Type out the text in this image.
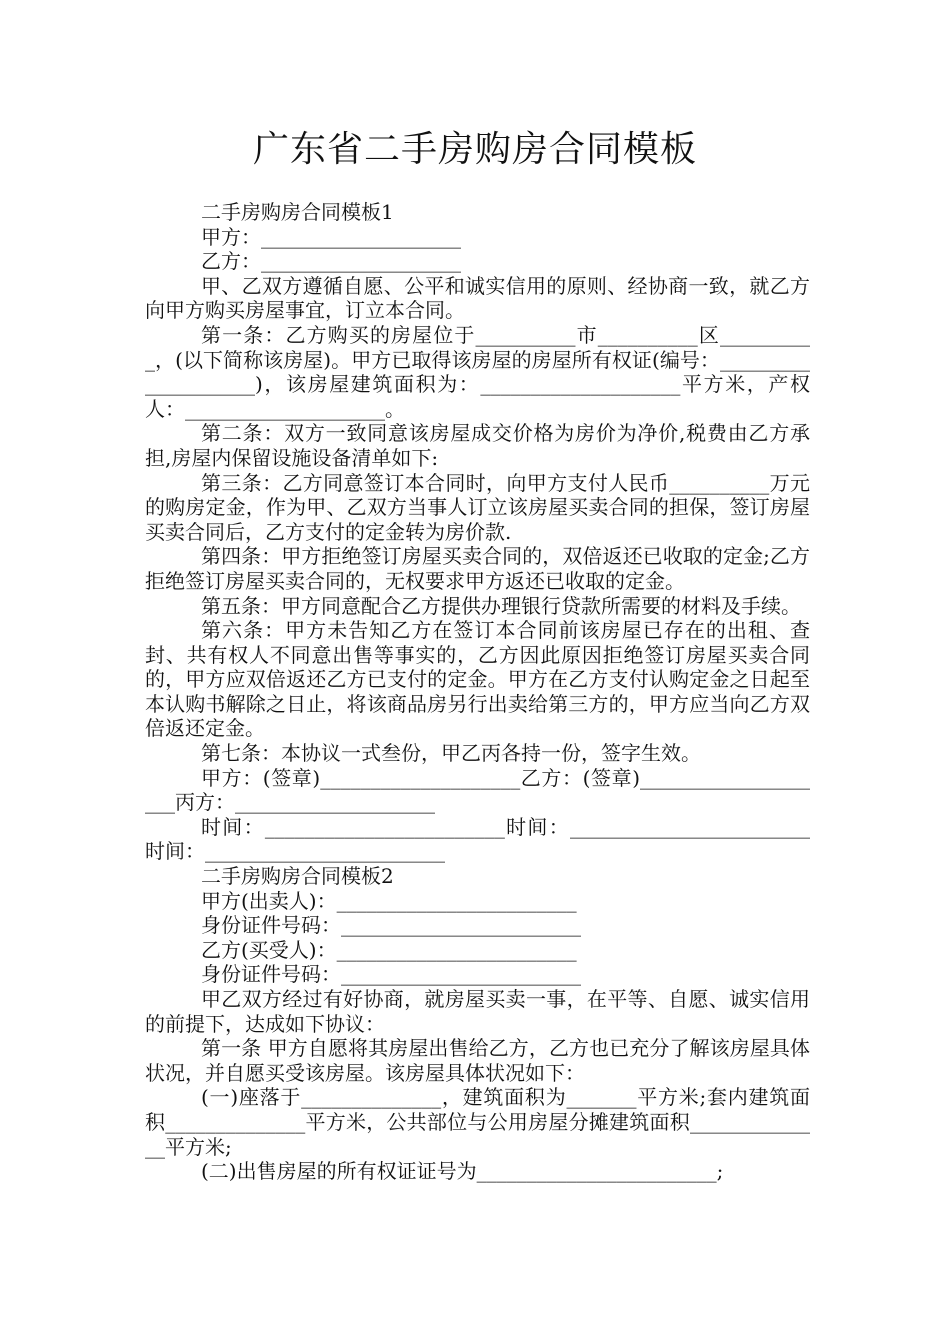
广东省二手房购房合同模板

二手房购房合同模板1

甲方：____________________

乙方：____________________

甲、乙双方遵循自愿、公平和诚实信用的原则、经协商一致，就乙方向甲方购买房屋事宜，订立本合同。

第一条：乙方购买的房屋位于__________市__________区__________，(以下简称该房屋)。甲方已取得该房屋的房屋所有权证(编号：____________________)，该房屋建筑面积为：____________________平方米，产权人：____________________。

第二条：双方一致同意该房屋成交价格为房价为净价,税费由乙方承担,房屋内保留设施设备清单如下:

第三条：乙方同意签订本合同时，向甲方支付人民币__________万元的购房定金，作为甲、乙双方当事人订立该房屋买卖合同的担保，签订房屋买卖合同后，乙方支付的定金转为房价款.

第四条：甲方拒绝签订房屋买卖合同的，双倍返还已收取的定金;乙方拒绝签订房屋买卖合同的，无权要求甲方返还已收取的定金。

第五条：甲方同意配合乙方提供办理银行贷款所需要的材料及手续。

第六条：甲方未告知乙方在签订本合同前该房屋已存在的出租、查封、共有权人不同意出售等事实的，乙方因此原因拒绝签订房屋买卖合同的，甲方应双倍返还乙方已支付的定金。甲方在乙方支付认购定金之日起至本认购书解除之日止，将该商品房另行出卖给第三方的，甲方应当向乙方双倍返还定金。

第七条：本协议一式叁份，甲乙丙各持一份，签字生效。

甲方：(签章)____________________乙方：(签章)____________________丙方：____________________

时间：________________________时间：________________________时间：________________________

二手房购房合同模板2

甲方(出卖人)：________________________

身份证件号码：________________________

乙方(买受人)：________________________

身份证件号码：________________________

甲乙双方经过有好协商，就房屋买卖一事，在平等、自愿、诚实信用的前提下，达成如下协议：

第一条 甲方自愿将其房屋出售给乙方，乙方也已充分了解该房屋具体状况，并自愿买受该房屋。该房屋具体状况如下：

(一)座落于______________，建筑面积为_______平方米;套内建筑面积______________平方米，公共部位与公用房屋分摊建筑面积______________平方米;

(二)出售房屋的所有权证证号为________________________;
